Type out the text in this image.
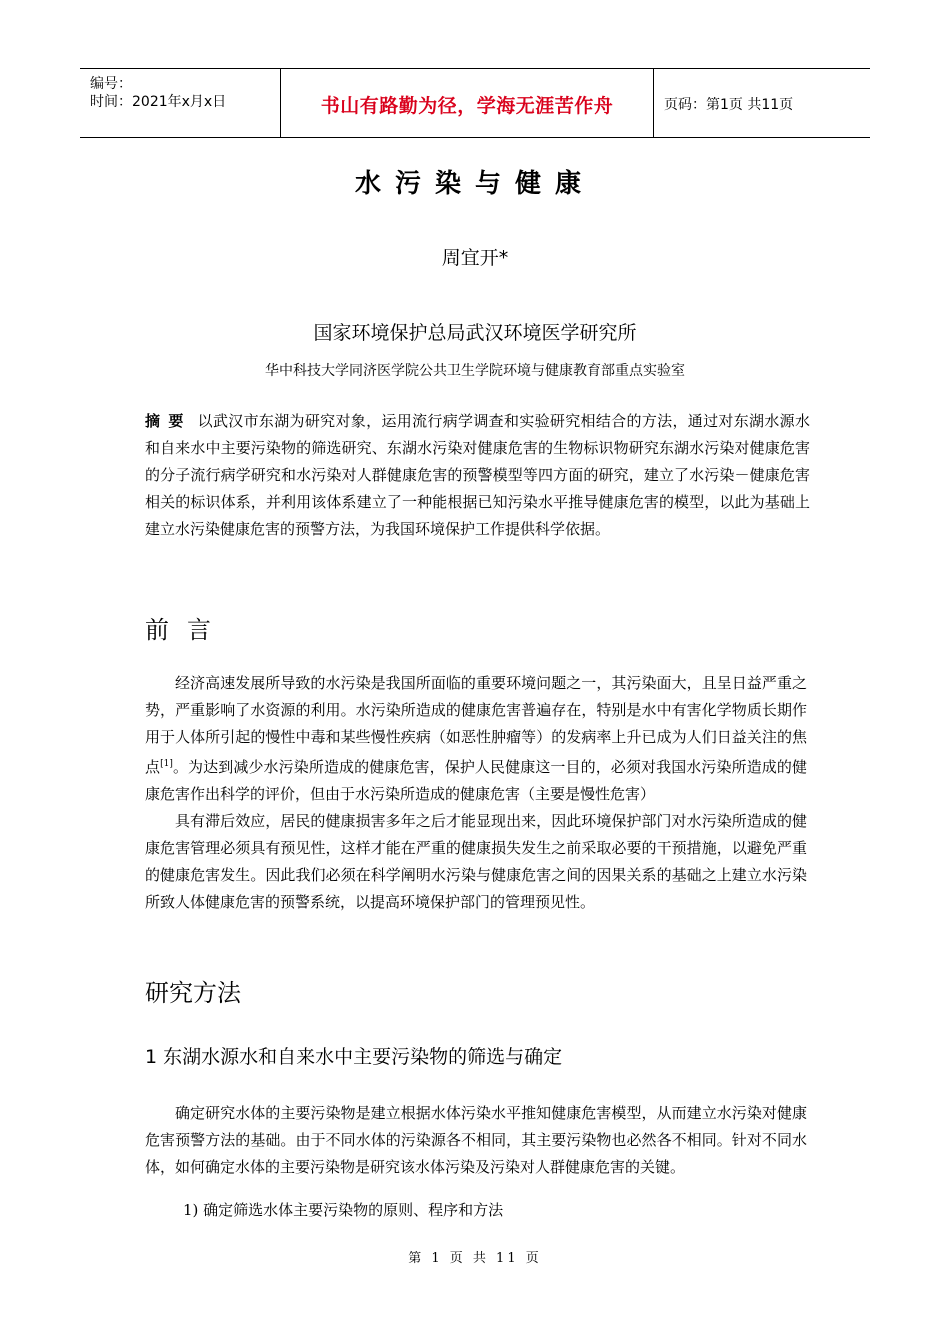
编号：
时间：2021年x月x日	书山有路勤为径，学海无涯苦作舟	页码：第1页 共11页
水污染与健康
周宜开*
国家环境保护总局武汉环境医学研究所
华中科技大学同济医学院公共卫生学院环境与健康教育部重点实验室
摘要 以武汉市东湖为研究对象，运用流行病学调查和实验研究相结合的方法，通过对东湖水源水和自来水中主要污染物的筛选研究、东湖水污染对健康危害的生物标识物研究东湖水污染对健康危害的分子流行病学研究和水污染对人群健康危害的预警模型等四方面的研究，建立了水污染－健康危害相关的标识体系，并利用该体系建立了一种能根据已知污染水平推导健康危害的模型，以此为基础上建立水污染健康危害的预警方法，为我国环境保护工作提供科学依据。
前言

经济高速发展所导致的水污染是我国所面临的重要环境问题之一，其污染面大，且呈日益严重之势，严重影响了水资源的利用。水污染所造成的健康危害普遍存在，特别是水中有害化学物质长期作用于人体所引起的慢性中毒和某些慢性疾病（如恶性肿瘤等）的发病率上升已成为人们日益关注的焦点[1]。为达到减少水污染所造成的健康危害，保护人民健康这一目的，必须对我国水污染所造成的健康危害作出科学的评价，但由于水污染所造成的健康危害（主要是慢性危害）

具有滞后效应，居民的健康损害多年之后才能显现出来，因此环境保护部门对水污染所造成的健康危害管理必须具有预见性，这样才能在严重的健康损失发生之前采取必要的干预措施，以避免严重的健康危害发生。因此我们必须在科学阐明水污染与健康危害之间的因果关系的基础之上建立水污染所致人体健康危害的预警系统，以提高环境保护部门的管理预见性。

研究方法
1 东湖水源水和自来水中主要污染物的筛选与确定

确定研究水体的主要污染物是建立根据水体污染水平推知健康危害模型，从而建立水污染对健康危害预警方法的基础。由于不同水体的污染源各不相同，其主要污染物也必然各不相同。针对不同水体，如何确定水体的主要污染物是研究该水体污染及污染对人群健康危害的关键。

1) 确定筛选水体主要污染物的原则、程序和方法
第 1 页 共 11 页
